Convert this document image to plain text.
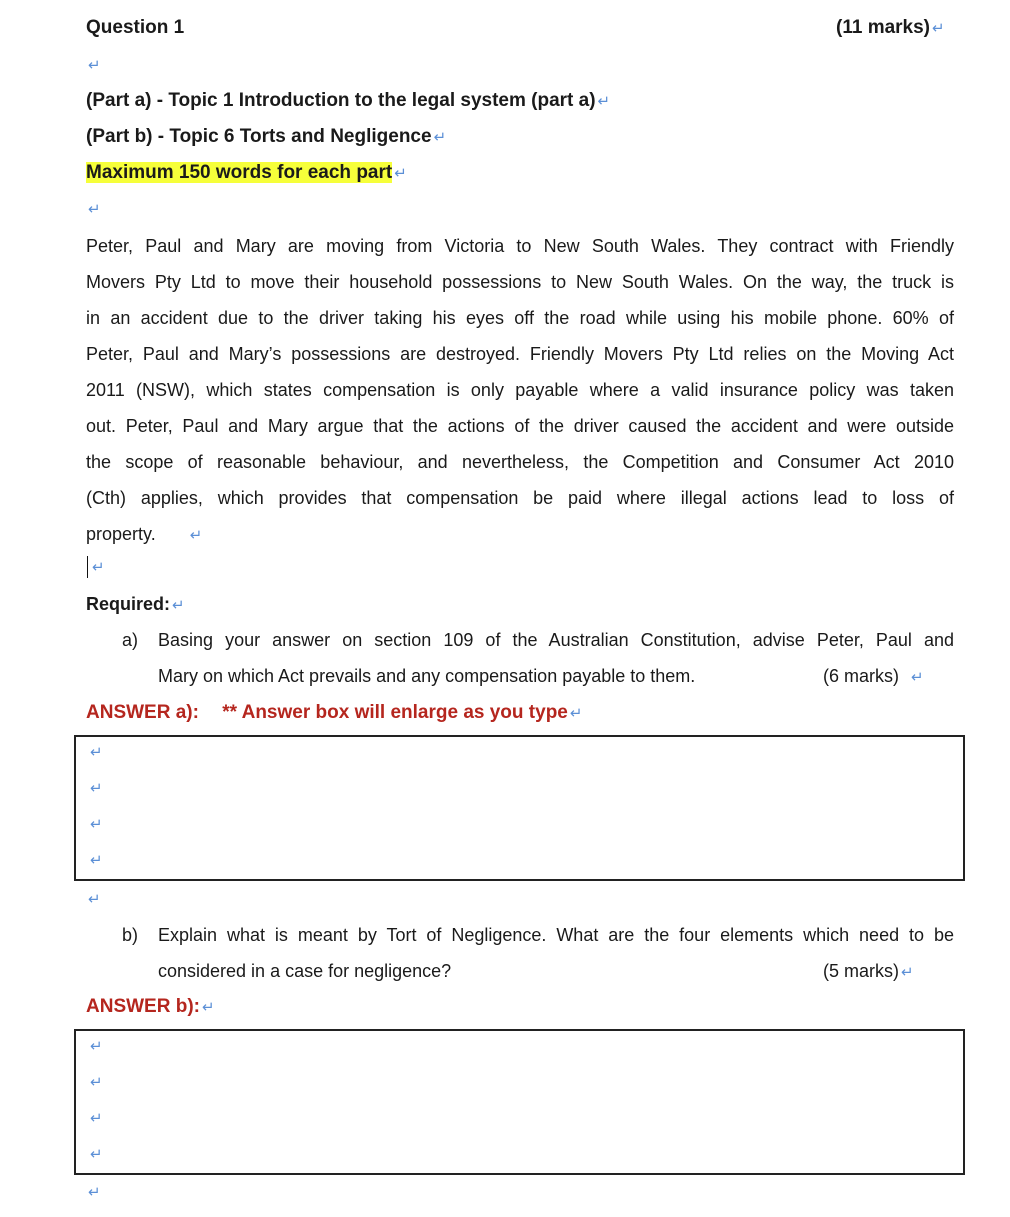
Question 1	(11 marks) ↵
↵
(Part a) - Topic 1 Introduction to the legal system (part a) ↵
(Part b) - Topic 6 Torts and Negligence ↵
Maximum 150 words for each part ↵
↵
Peter, Paul and Mary are moving from Victoria to New South Wales. They contract with Friendly
Movers Pty Ltd to move their household possessions to New South Wales. On the way, the truck is
in an accident due to the driver taking his eyes off the road while using his mobile phone. 60% of
Peter, Paul and Mary’s possessions are destroyed. Friendly Movers Pty Ltd relies on the Moving Act
2011 (NSW), which states compensation is only payable where a valid insurance policy was taken
out. Peter, Paul and Mary argue that the actions of the driver caused the accident and were outside
the scope of reasonable behaviour, and nevertheless, the Competition and Consumer Act 2010
(Cth) applies, which provides that compensation be paid where illegal actions lead to loss of
property. ↵
↵
Required: ↵
a) Basing your answer on section 109 of the Australian Constitution, advise Peter, Paul and
Mary on which Act prevails and any compensation payable to them.	(6 marks) ↵
ANSWER a): ** Answer box will enlarge as you type ↵
↵
↵
↵
↵
↵
b) Explain what is meant by Tort of Negligence. What are the four elements which need to be
considered in a case for negligence?	(5 marks) ↵
ANSWER b): ↵
↵
↵
↵
↵
↵
